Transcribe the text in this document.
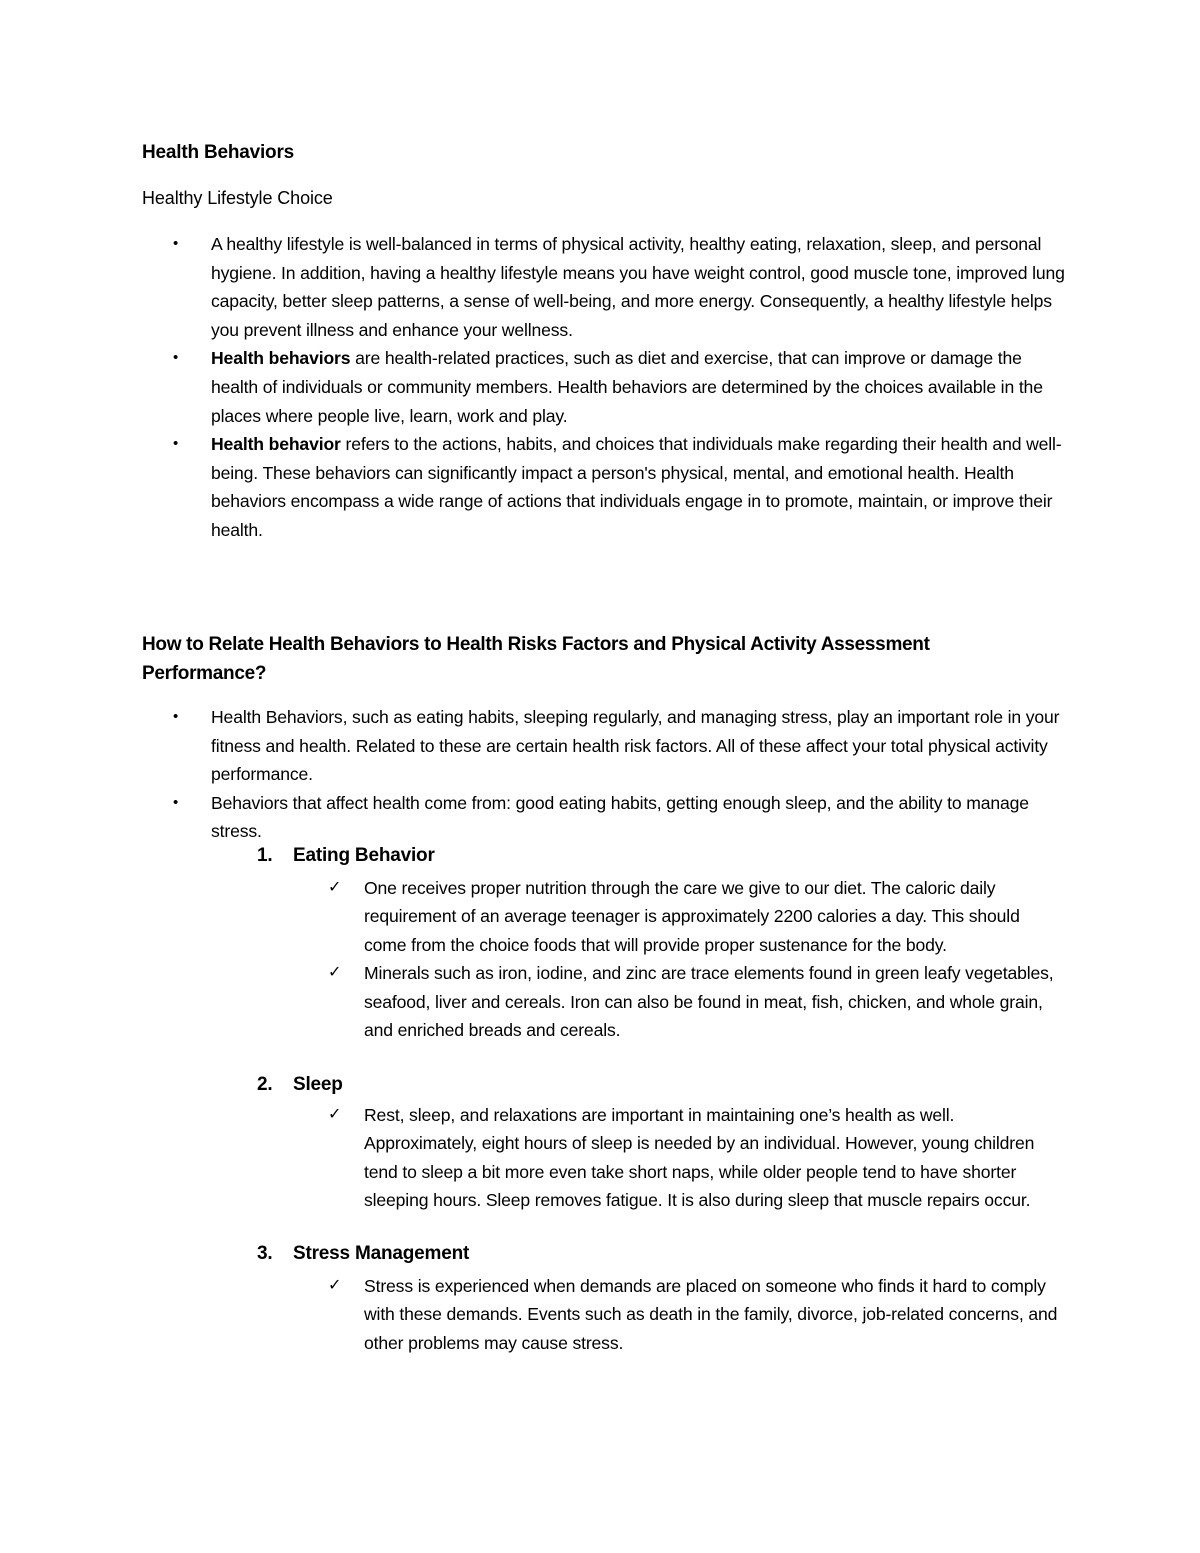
Health Behaviors
Healthy Lifestyle Choice
• A healthy lifestyle is well-balanced in terms of physical activity, healthy eating, relaxation, sleep, and personal hygiene. In addition, having a healthy lifestyle means you have weight control, good muscle tone, improved lung capacity, better sleep patterns, a sense of well-being, and more energy. Consequently, a healthy lifestyle helps you prevent illness and enhance your wellness.
• Health behaviors are health-related practices, such as diet and exercise, that can improve or damage the health of individuals or community members. Health behaviors are determined by the choices available in the places where people live, learn, work and play.
• Health behavior refers to the actions, habits, and choices that individuals make regarding their health and well-being. These behaviors can significantly impact a person's physical, mental, and emotional health. Health behaviors encompass a wide range of actions that individuals engage in to promote, maintain, or improve their health.
How to Relate Health Behaviors to Health Risks Factors and Physical Activity Assessment Performance?
• Health Behaviors, such as eating habits, sleeping regularly, and managing stress, play an important role in your fitness and health. Related to these are certain health risk factors. All of these affect your total physical activity performance.
• Behaviors that affect health come from: good eating habits, getting enough sleep, and the ability to manage stress.
1. Eating Behavior
✓ One receives proper nutrition through the care we give to our diet. The caloric daily requirement of an average teenager is approximately 2200 calories a day. This should come from the choice foods that will provide proper sustenance for the body.
✓ Minerals such as iron, iodine, and zinc are trace elements found in green leafy vegetables, seafood, liver and cereals. Iron can also be found in meat, fish, chicken, and whole grain, and enriched breads and cereals.
2. Sleep
✓ Rest, sleep, and relaxations are important in maintaining one’s health as well. Approximately, eight hours of sleep is needed by an individual. However, young children tend to sleep a bit more even take short naps, while older people tend to have shorter sleeping hours. Sleep removes fatigue. It is also during sleep that muscle repairs occur.
3. Stress Management
✓ Stress is experienced when demands are placed on someone who finds it hard to comply with these demands. Events such as death in the family, divorce, job-related concerns, and other problems may cause stress.
